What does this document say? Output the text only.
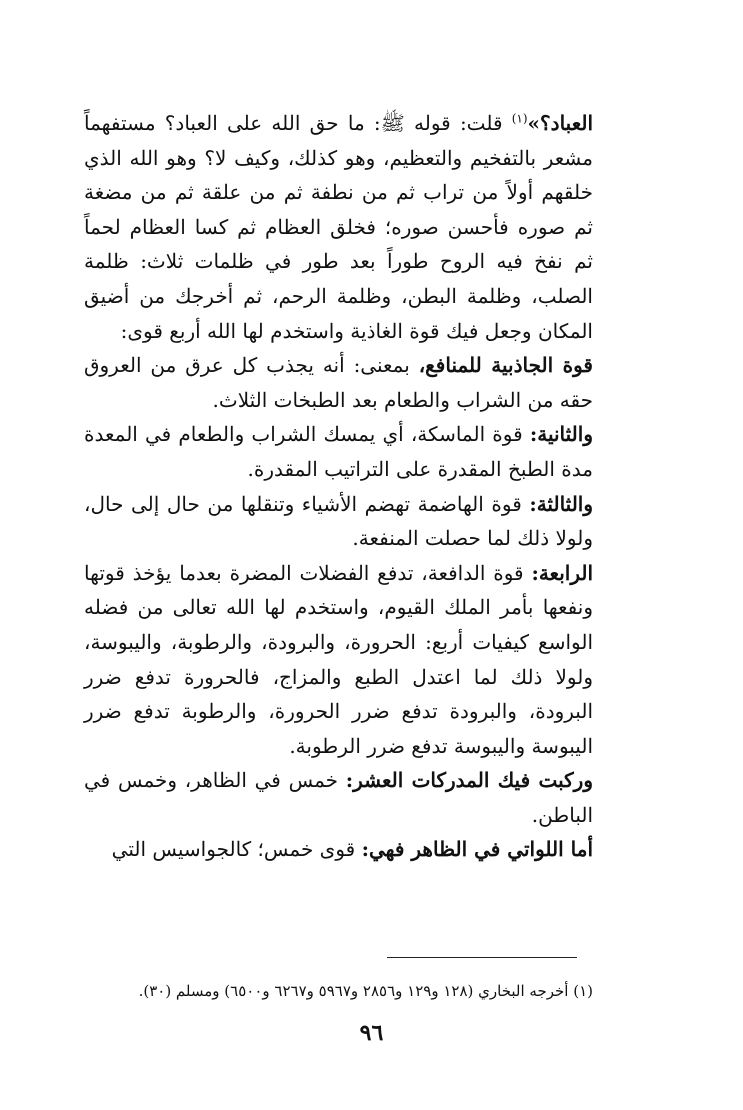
العباد؟»$^{(١)}$ قلت: قوله ﷺ: ما حق الله على العباد؟ مستفهماً مشعر بالتفخيم والتعظيم، وهو كذلك، وكيف لا؟ وهو الله الذي خلقهم أولاً من تراب ثم من نطفة ثم من علقة ثم من مضغة ثم صوره فأحسن صوره؛ فخلق العظام ثم كسا العظام لحماً ثم نفخ فيه الروح طوراً بعد طور في ظلمات ثلاث: ظلمة الصلب، وظلمة البطن، وظلمة الرحم، ثم أخرجك من أضيق المكان وجعل فيك قوة الغاذية واستخدم لها الله أربع قوى:

قوة الجاذبية للمنافع، بمعنى: أنه يجذب كل عرق من العروق حقه من الشراب والطعام بعد الطبخات الثلاث.

والثانية: قوة الماسكة، أي يمسك الشراب والطعام في المعدة مدة الطبخ المقدرة على التراتيب المقدرة.

والثالثة: قوة الهاضمة تهضم الأشياء وتنقلها من حال إلى حال، ولولا ذلك لما حصلت المنفعة.

الرابعة: قوة الدافعة، تدفع الفضلات المضرة بعدما يؤخذ قوتها ونفعها بأمر الملك القيوم، واستخدم لها الله تعالى من فضله الواسع كيفيات أربع: الحرورة، والبرودة، والرطوبة، واليبوسة، ولولا ذلك لما اعتدل الطبع والمزاج، فالحرورة تدفع ضرر البرودة، والبرودة تدفع ضرر الحرورة، والرطوبة تدفع ضرر اليبوسة واليبوسة تدفع ضرر الرطوبة.

وركبت فيك المدركات العشر: خمس في الظاهر، وخمس في الباطن.

أما اللواتي في الظاهر فهي: قوى خمس؛ كالجواسيس التي

(١) أخرجه البخاري (١٢٨ و١٢٩ و٢٨٥٦ و٥٩٦٧ و٦٢٦٧ و٦٥٠٠) ومسلم (٣٠).
٩٦
